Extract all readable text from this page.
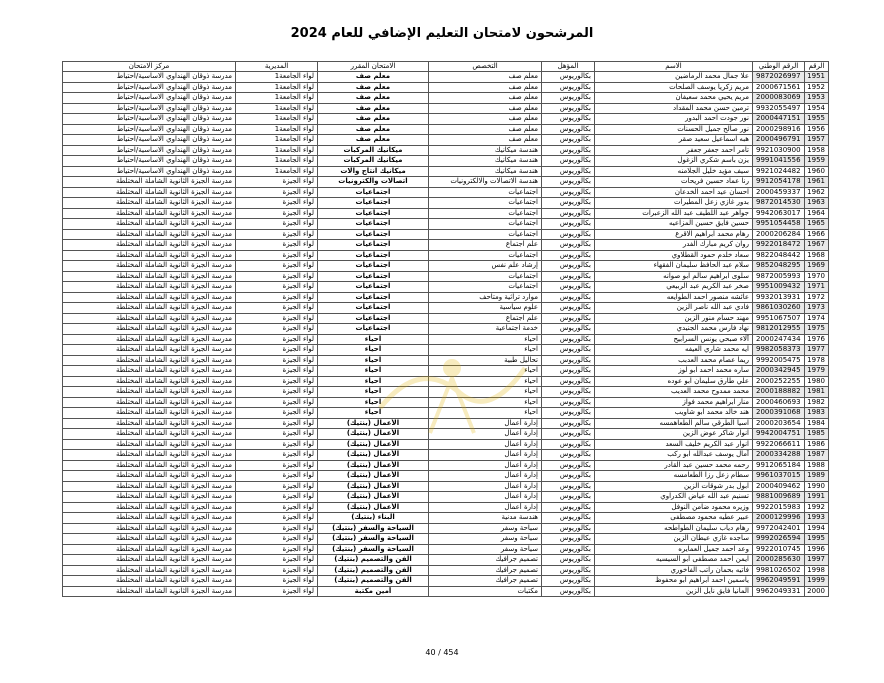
المرشحون لامتحان التعليم الإضافي للعام 2024
الرقم	الرقم الوطني	الاسم	المؤهل	التخصص	الامتحان المقرر	المديرية	مركز الامتحان
1951	9872026997	علا جمال محمد الرماضين	بكالوريوس	معلم صف	معلم صف	لواء الجامعة1	مدرسة ذوقان الهنداوي الاساسية/احتياط
1952	2000671561	مريم زكريا يوسف الصلحات	بكالوريوس	معلم صف	معلم صف	لواء الجامعة1	مدرسة ذوقان الهنداوي الاساسية/احتياط
1953	2000083069	مريم يحيي محمد سعيفان	بكالوريوس	معلم صف	معلم صف	لواء الجامعة1	مدرسة ذوقان الهنداوي الاساسية/احتياط
1954	9932055497	ترمين حسن محمد المقداد	بكالوريوس	معلم صف	معلم صف	لواء الجامعة1	مدرسة ذوقان الهنداوي الاساسية/احتياط
1955	2000447151	نور جودت احمد البدور	بكالوريوس	معلم صف	معلم صف	لواء الجامعة1	مدرسة ذوقان الهنداوي الاساسية/احتياط
1956	2000298916	نور صالح جميل الحسنات	بكالوريوس	معلم صف	معلم صف	لواء الجامعة1	مدرسة ذوقان الهنداوي الاساسية/احتياط
1957	2000496791	هبه اسماعيل سعيد صقر	بكالوريوس	معلم صف	معلم صف	لواء الجامعة1	مدرسة ذوقان الهنداوي الاساسية/احتياط
1958	9921030900	تامر احمد جعفر جعفر	بكالوريوس	هندسة ميكانيك	ميكانيك المركبات	لواء الجامعة1	مدرسة ذوقان الهنداوي الاساسية/احتياط
1959	9991041556	يزن باسم شكري الزغول	بكالوريوس	هندسة ميكانيك	ميكانيك المركبات	لواء الجامعة1	مدرسة ذوقان الهنداوي الاساسية/احتياط
1960	9921024482	سيف مؤيد خليل الجلامنه	بكالوريوس	هندسة ميكانيك	ميكانيك انتاج وآلات	لواء الجامعة1	مدرسة ذوقان الهنداوي الاساسية/احتياط
1961	9912054178	رنا عماد حسين فريحات	بكالوريوس	هندسة الاتصالات والالكترونيات	اتصالات والكترونيات	لواء الجيزة	مدرسة الجيزة الثانوية الشاملة المختلطة
1962	2000459337	احسان عيد احمد الخدعان	بكالوريوس	اجتماعيات	اجتماعيات	لواء الجيزة	مدرسة الجيزة الثانوية الشاملة المختلطة
1963	9872014530	بدور غازي زعل المطيرات	بكالوريوس	اجتماعيات	اجتماعيات	لواء الجيزة	مدرسة الجيزة الثانوية الشاملة المختلطة
1964	9942063017	جواهر عبد اللطيف عبد الله الزعبرات	بكالوريوس	اجتماعيات	اجتماعيات	لواء الجيزة	مدرسة الجيزة الثانوية الشاملة المختلطة
1965	9951054458	حسين فايق حسين المزاعيه	بكالوريوس	اجتماعيات	اجتماعيات	لواء الجيزة	مدرسة الجيزة الثانوية الشاملة المختلطة
1966	2000206284	رهام محمد ابراهيم الاقرع	بكالوريوس	اجتماعيات	اجتماعيات	لواء الجيزة	مدرسة الجيزة الثانوية الشاملة المختلطة
1967	9922018472	روان كريم مبارك الفدر	بكالوريوس	علم اجتماع	اجتماعيات	لواء الجيزة	مدرسة الجيزة الثانوية الشاملة المختلطة
1968	9822048442	سعاد خلدم حمود القطلاوي	بكالوريوس	اجتماعيات	اجتماعيات	لواء الجيزة	مدرسة الجيزة الثانوية الشاملة المختلطة
1969	9852048295	سلام عبد الحافظ سليمان الفقهاء	بكالوريوس	إرشاد علم نفس	اجتماعيات	لواء الجيزة	مدرسة الجيزة الثانوية الشاملة المختلطة
1970	9872005993	سلوى ابراهيم سالم ابو صوانه	بكالوريوس	اجتماعيات	اجتماعيات	لواء الجيزة	مدرسة الجيزة الثانوية الشاملة المختلطة
1971	9951009432	صخر عبد الكريم عبد الربيعي	بكالوريوس	اجتماعيات	اجتماعيات	لواء الجيزة	مدرسة الجيزة الثانوية الشاملة المختلطة
1972	9932013931	عائشه منصور احمد الطوايعه	بكالوريوس	موارد تراثية ومتاحف	اجتماعيات	لواء الجيزة	مدرسة الجيزة الثانوية الشاملة المختلطة
1973	9861030260	فادي عبد الله ناصر الزين	بكالوريوس	علوم سياسية	اجتماعيات	لواء الجيزة	مدرسة الجيزة الثانوية الشاملة المختلطة
1974	9951067507	مهند حسام منور الزين	بكالوريوس	علم اجتماع	اجتماعيات	لواء الجيزة	مدرسة الجيزة الثانوية الشاملة المختلطة
1975	9812012955	نهاد فارس محمد الجنيدي	بكالوريوس	خدمة اجتماعية	اجتماعيات	لواء الجيزة	مدرسة الجيزة الثانوية الشاملة المختلطة
1976	2000247434	آلاء صبحي يونس السرابيح	بكالوريوس	احياء	احياء	لواء الجيزة	مدرسة الجيزة الثانوية الشاملة المختلطة
1977	9982058373	ايه محمد شاري العيفه	بكالوريوس	احياء	احياء	لواء الجيزة	مدرسة الجيزة الثانوية الشاملة المختلطة
1978	9992005475	ريما عصام محمد العدبب	بكالوريوس	تحاليل طبية	احياء	لواء الجيزة	مدرسة الجيزة الثانوية الشاملة المختلطة
1979	2000342945	ساره محمد احمد ابو لوز	بكالوريوس	احياء	احياء	لواء الجيزة	مدرسة الجيزة الثانوية الشاملة المختلطة
1980	2000252255	علي طارق سليمان ابو عوده	بكالوريوس	احياء	احياء	لواء الجيزة	مدرسة الجيزة الثانوية الشاملة المختلطة
1981	2000188882	محمد ممدوح محمد العديب	بكالوريوس	احياء	احياء	لواء الجيزة	مدرسة الجيزة الثانوية الشاملة المختلطة
1982	2000460693	منار ابراهيم محمد فواز	بكالوريوس	احياء	احياء	لواء الجيزة	مدرسة الجيزة الثانوية الشاملة المختلطة
1983	2000391068	هند خالد محمد ابو شاويب	بكالوريوس	احياء	احياء	لواء الجيزة	مدرسة الجيزة الثانوية الشاملة المختلطة
1984	2000203654	اسيا الطرقي سالم الطعاهمسه	بكالوريوس	إدارة أعمال	الأعمال (بنتيك)	لواء الجيزة	مدرسة الجيزة الثانوية الشاملة المختلطة
1985	9942004751	انوار شاكر عوض الزين	بكالوريوس	إدارة أعمال	الأعمال (بنتيك)	لواء الجيزة	مدرسة الجيزة الثانوية الشاملة المختلطة
1986	9922066611	انوار عبد الكريم خليف السعد	بكالوريوس	إدارة أعمال	الأعمال (بنتيك)	لواء الجيزة	مدرسة الجيزة الثانوية الشاملة المختلطة
1987	2000334288	آمال يوسف عبدالله ابو ركب	بكالوريوس	إدارة أعمال	الأعمال (بنتيك)	لواء الجيزة	مدرسة الجيزة الثانوية الشاملة المختلطة
1988	9912065184	رحمه محمد حسين عبد القادر	بكالوريوس	إدارة أعمال	الأعمال (بنتيك)	لواء الجيزة	مدرسة الجيزة الثانوية الشاملة المختلطة
1989	9961037015	سطام زعل رزا الطعامسه	بكالوريوس	إدارة أعمال	الأعمال (بنتيك)	لواء الجيزة	مدرسة الجيزة الثانوية الشاملة المختلطة
1990	2000409462	ابول بدر شوقات الزين	بكالوريوس	إدارة أعمال	الأعمال (بنتيك)	لواء الجيزة	مدرسة الجيزة الثانوية الشاملة المختلطة
1991	9881009689	تسنيم عبد الله عياض الكدراوي	بكالوريوس	إدارة أعمال	الأعمال (بنتيك)	لواء الجيزة	مدرسة الجيزة الثانوية الشاملة المختلطة
1992	9922015983	وزيره محمود ضامن النوفل	بكالوريوس	إدارة أعمال	الأعمال (بنتيك)	لواء الجيزة	مدرسة الجيزة الثانوية الشاملة المختلطة
1993	2000129996	عبير عطيه محمود مصطفى	بكالوريوس	هندسة مدنية	البناء (بنتيك)	لواء الجيزة	مدرسة الجيزة الثانوية الشاملة المختلطة
1994	9972042401	رهام دياب سليمان الطواطحه	بكالوريوس	سياحة وسفر	السياحة والسفر (بنتيك)	لواء الجيزة	مدرسة الجيزة الثانوية الشاملة المختلطة
1995	9992026594	ساجده غازي عيطان الزين	بكالوريوس	سياحة وسفر	السياحة والسفر (بنتيك)	لواء الجيزة	مدرسة الجيزة الثانوية الشاملة المختلطة
1996	9922010745	وعد احمد جميل العمايره	بكالوريوس	سياحة وسفر	السياحة والسفر (بنتيك)	لواء الجيزة	مدرسة الجيزة الثانوية الشاملة المختلطة
1997	2000285630	ايمن احمد مصطفى ابو السيسيه	بكالوريوس	تصميم جرافيك	الفن والتصميم (بنتيك)	لواء الجيزة	مدرسة الجيزة الثانوية الشاملة المختلطة
1998	9981026502	فاتيه بحمان راتب الفاخوري	بكالوريوس	تصميم جرافيك	الفن والتصميم (بنتيك)	لواء الجيزة	مدرسة الجيزة الثانوية الشاملة المختلطة
1999	9962049591	ياسمين احمد ابراهيم ابو محفوظ	بكالوريوس	تصميم جرافيك	الفن والتصميم (بنتيك)	لواء الجيزة	مدرسة الجيزة الثانوية الشاملة المختلطة
2000	9962049331	المانيا فايق نايل الزين	بكالوريوس	مكتبات	أمين مكتبة	لواء الجيزة	مدرسة الجيزة الثانوية الشاملة المختلطة
40 / 454
